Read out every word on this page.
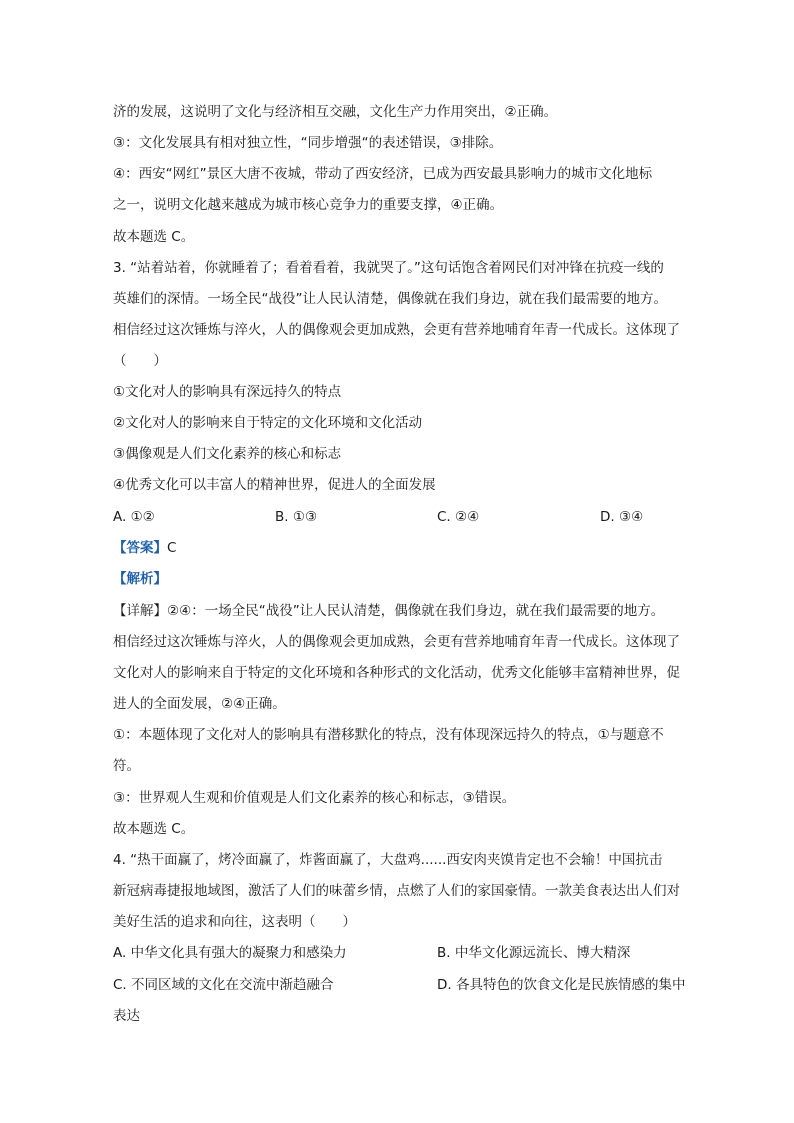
济的发展，这说明了文化与经济相互交融，文化生产力作用突出，②正确。
③：文化发展具有相对独立性，“同步增强“的表述错误，③排除。
④：西安“网红”景区大唐不夜城，带动了西安经济，已成为西安最具影响力的城市文化地标
之一，说明文化越来越成为城市核心竞争力的重要支撑，④正确。
故本题选 C。
3. “站着站着，你就睡着了；看着看着，我就哭了。”这句话饱含着网民们对冲锋在抗疫一线的
英雄们的深情。一场全民“战役”让人民认清楚，偶像就在我们身边，就在我们最需要的地方。
相信经过这次锤炼与淬火，人的偶像观会更加成熟，会更有营养地哺育年青一代成长。这体现了
（　　）
①文化对人的影响具有深远持久的特点
②文化对人的影响来自于特定的文化环境和文化活动
③偶像观是人们文化素养的核心和标志
④优秀文化可以丰富人的精神世界，促进人的全面发展
A. ①②	B. ①③	C. ②④	D. ③④
【答案】C
【解析】
【详解】②④：一场全民“战役”让人民认清楚，偶像就在我们身边，就在我们最需要的地方。
相信经过这次锤炼与淬火，人的偶像观会更加成熟，会更有营养地哺育年青一代成长。这体现了
文化对人的影响来自于特定的文化环境和各种形式的文化活动，优秀文化能够丰富精神世界，促
进人的全面发展，②④正确。
①：本题体现了文化对人的影响具有潜移默化的特点，没有体现深远持久的特点，①与题意不
符。
③：世界观人生观和价值观是人们文化素养的核心和标志，③错误。
故本题选 C。
4. “热干面赢了，烤冷面赢了，炸酱面赢了，大盘鸡......西安肉夹馍肯定也不会输！中国抗击
新冠病毒捷报地域图，激活了人们的味蕾乡情，点燃了人们的家国豪情。一款美食表达出人们对
美好生活的追求和向往，这表明（　　）
A. 中华文化具有强大的凝聚力和感染力	B. 中华文化源远流长、博大精深
C. 不同区域的文化在交流中渐趋融合	D. 各具特色的饮食文化是民族情感的集中
表达
